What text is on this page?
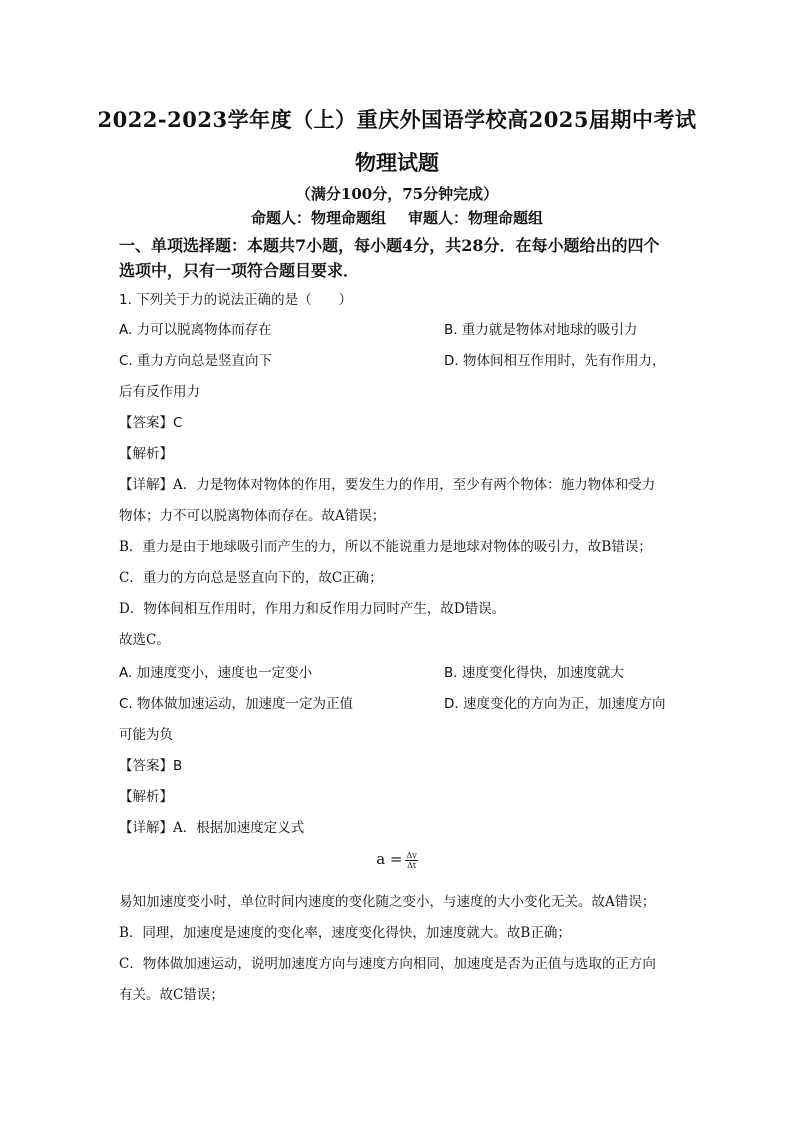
2022-2023学年度（上）重庆外国语学校高2025届期中考试
物理试题
（满分100分，75分钟完成）
命题人：物理命题组 审题人：物理命题组
一、单项选择题：本题共7小题，每小题4分，共28分．在每小题给出的四个
选项中，只有一项符合题目要求．
1. 下列关于力的说法正确的是（　　）
A. 力可以脱离物体而存在	B. 重力就是物体对地球的吸引力
C. 重力方向总是竖直向下	D. 物体间相互作用时，先有作用力，
后有反作用力
【答案】C
【解析】
【详解】A．力是物体对物体的作用，要发生力的作用，至少有两个物体：施力物体和受力
物体；力不可以脱离物体而存在。故A错误；
B．重力是由于地球吸引而产生的力，所以不能说重力是地球对物体的吸引力，故B错误；
C．重力的方向总是竖直向下的，故C正确；
D．物体间相互作用时，作用力和反作用力同时产生，故D错误。
故选C。
A. 加速度变小，速度也一定变小	B. 速度变化得快，加速度就大
C. 物体做加速运动，加速度一定为正值	D. 速度变化的方向为正，加速度方向
可能为负
【答案】B
【解析】
【详解】A．根据加速度定义式
$a = \frac{\Delta v}{\Delta t}$
易知加速度变小时，单位时间内速度的变化随之变小，与速度的大小变化无关。故A错误；
B．同理，加速度是速度的变化率，速度变化得快，加速度就大。故B正确；
C．物体做加速运动，说明加速度方向与速度方向相同，加速度是否为正值与选取的正方向
有关。故C错误；
